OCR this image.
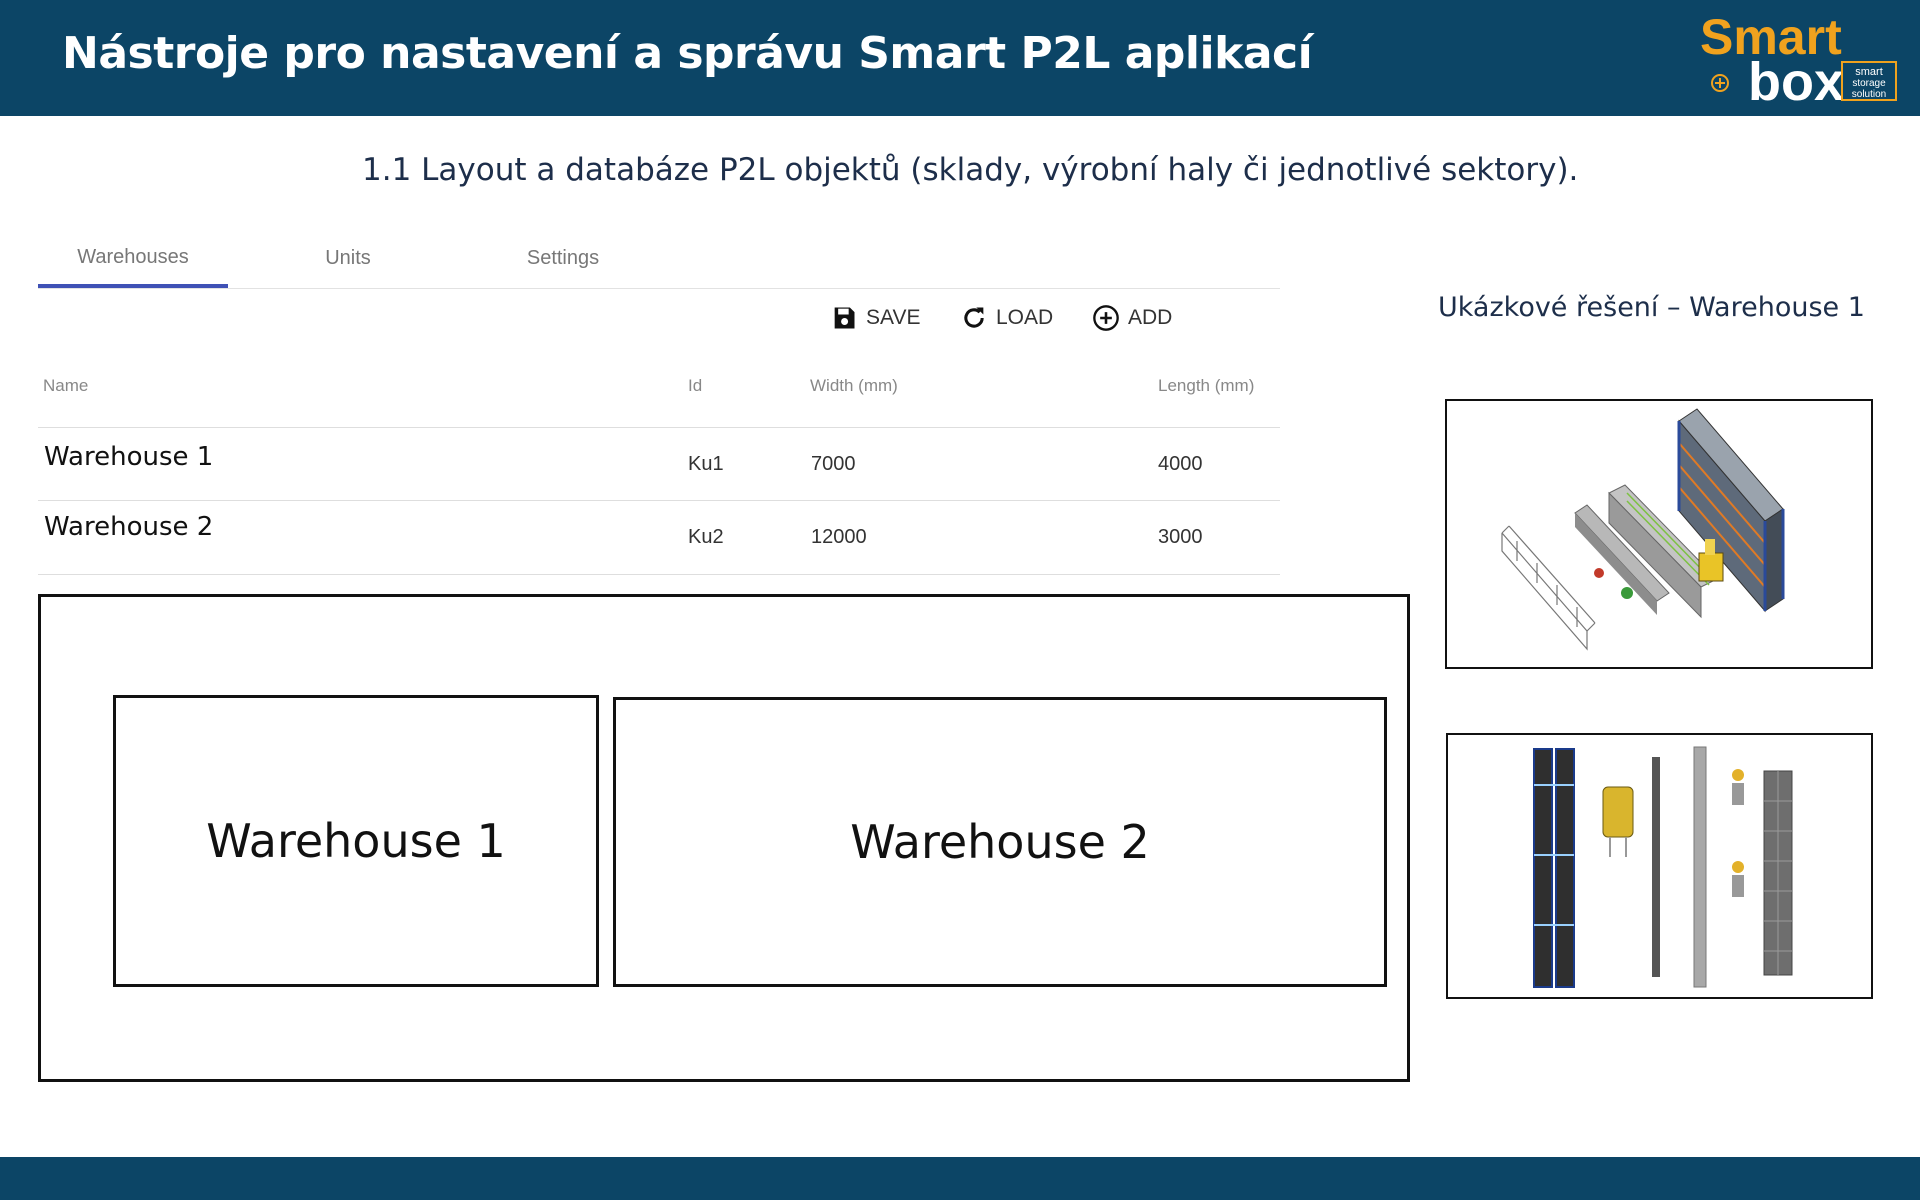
Nástroje pro nastavení a správu Smart P2L aplikací	Smart
box smart
storage
solution
1.1 Layout a databáze P2L objektů (sklady, výrobní haly či jednotlivé sektory).
Warehouses	Units	Settings
SAVE	LOAD	ADD
Name	Id	Width (mm)	Length (mm)
Warehouse 1	Ku1	7000	4000
Warehouse 2	Ku2	12000	3000
Warehouse 1	Warehouse 2
Ukázkové řešení – Warehouse 1
